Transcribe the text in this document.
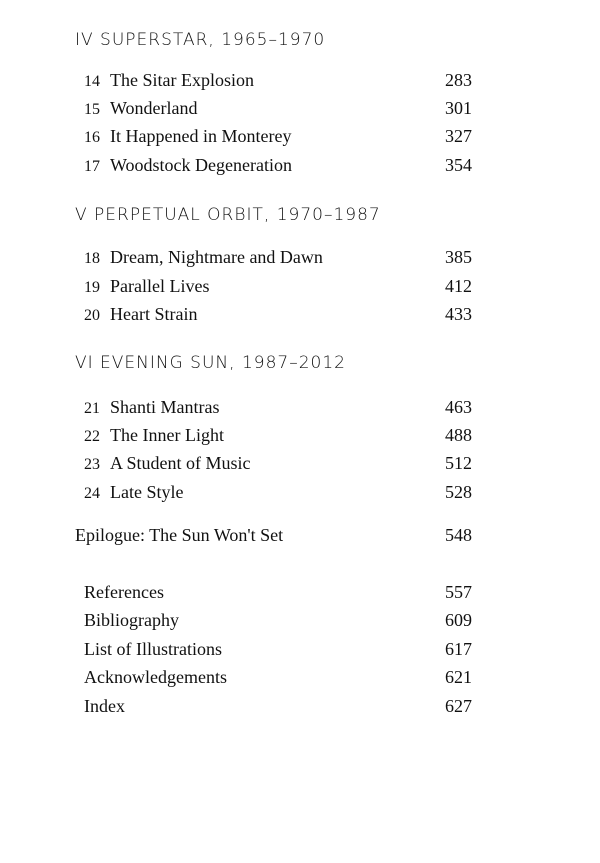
IV SUPERSTAR, 1965–1970
14 The Sitar Explosion	283
15 Wonderland	301
16 It Happened in Monterey	327
17 Woodstock Degeneration	354
V PERPETUAL ORBIT, 1970–1987
18 Dream, Nightmare and Dawn	385
19 Parallel Lives	412
20 Heart Strain	433
VI EVENING SUN, 1987–2012
21 Shanti Mantras	463
22 The Inner Light	488
23 A Student of Music	512
24 Late Style	528
Epilogue: The Sun Won't Set	548
References	557
Bibliography	609
List of Illustrations	617
Acknowledgements	621
Index	627
